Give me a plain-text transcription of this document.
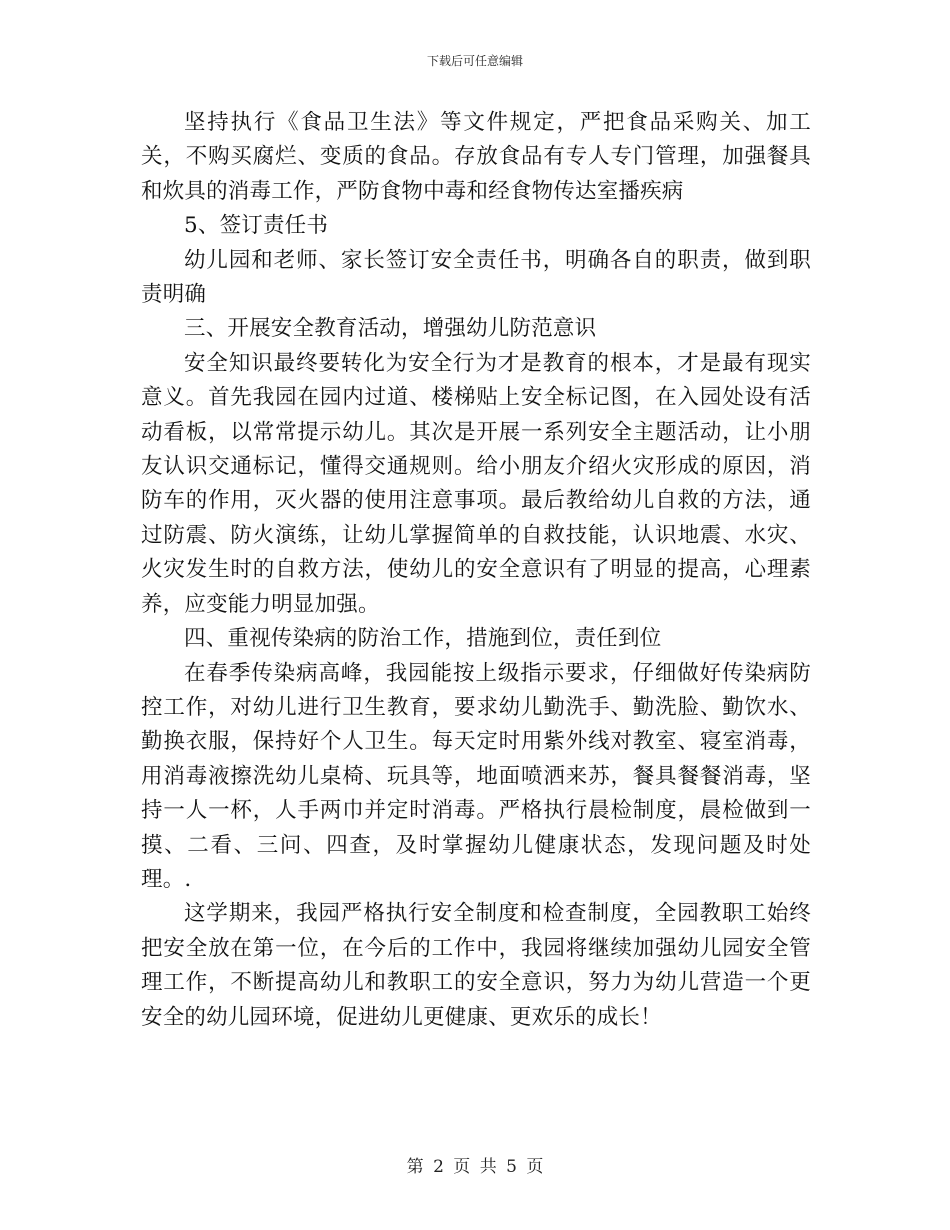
下载后可任意编辑

坚持执行《食品卫生法》等文件规定，严把食品采购关、加工关，不购买腐烂、变质的食品。存放食品有专人专门管理，加强餐具和炊具的消毒工作，严防食物中毒和经食物传达室播疾病

5、签订责任书

幼儿园和老师、家长签订安全责任书，明确各自的职责，做到职责明确

三、开展安全教育活动，增强幼儿防范意识

安全知识最终要转化为安全行为才是教育的根本，才是最有现实意义。首先我园在园内过道、楼梯贴上安全标记图，在入园处设有活动看板，以常常提示幼儿。其次是开展一系列安全主题活动，让小朋友认识交通标记，懂得交通规则。给小朋友介绍火灾形成的原因，消防车的作用，灭火器的使用注意事项。最后教给幼儿自救的方法，通过防震、防火演练，让幼儿掌握简单的自救技能，认识地震、水灾、火灾发生时的自救方法，使幼儿的安全意识有了明显的提高，心理素养，应变能力明显加强。

四、重视传染病的防治工作，措施到位，责任到位

在春季传染病高峰，我园能按上级指示要求，仔细做好传染病防控工作，对幼儿进行卫生教育，要求幼儿勤洗手、勤洗脸、勤饮水、勤换衣服，保持好个人卫生。每天定时用紫外线对教室、寝室消毒，用消毒液擦洗幼儿桌椅、玩具等，地面喷洒来苏，餐具餐餐消毒，坚持一人一杯，人手两巾并定时消毒。严格执行晨检制度，晨检做到一摸、二看、三问、四查，及时掌握幼儿健康状态，发现问题及时处理。.

这学期来，我园严格执行安全制度和检查制度，全园教职工始终把安全放在第一位，在今后的工作中，我园将继续加强幼儿园安全管理工作，不断提高幼儿和教职工的安全意识，努力为幼儿营造一个更安全的幼儿园环境，促进幼儿更健康、更欢乐的成长！

第 2 页 共 5 页
